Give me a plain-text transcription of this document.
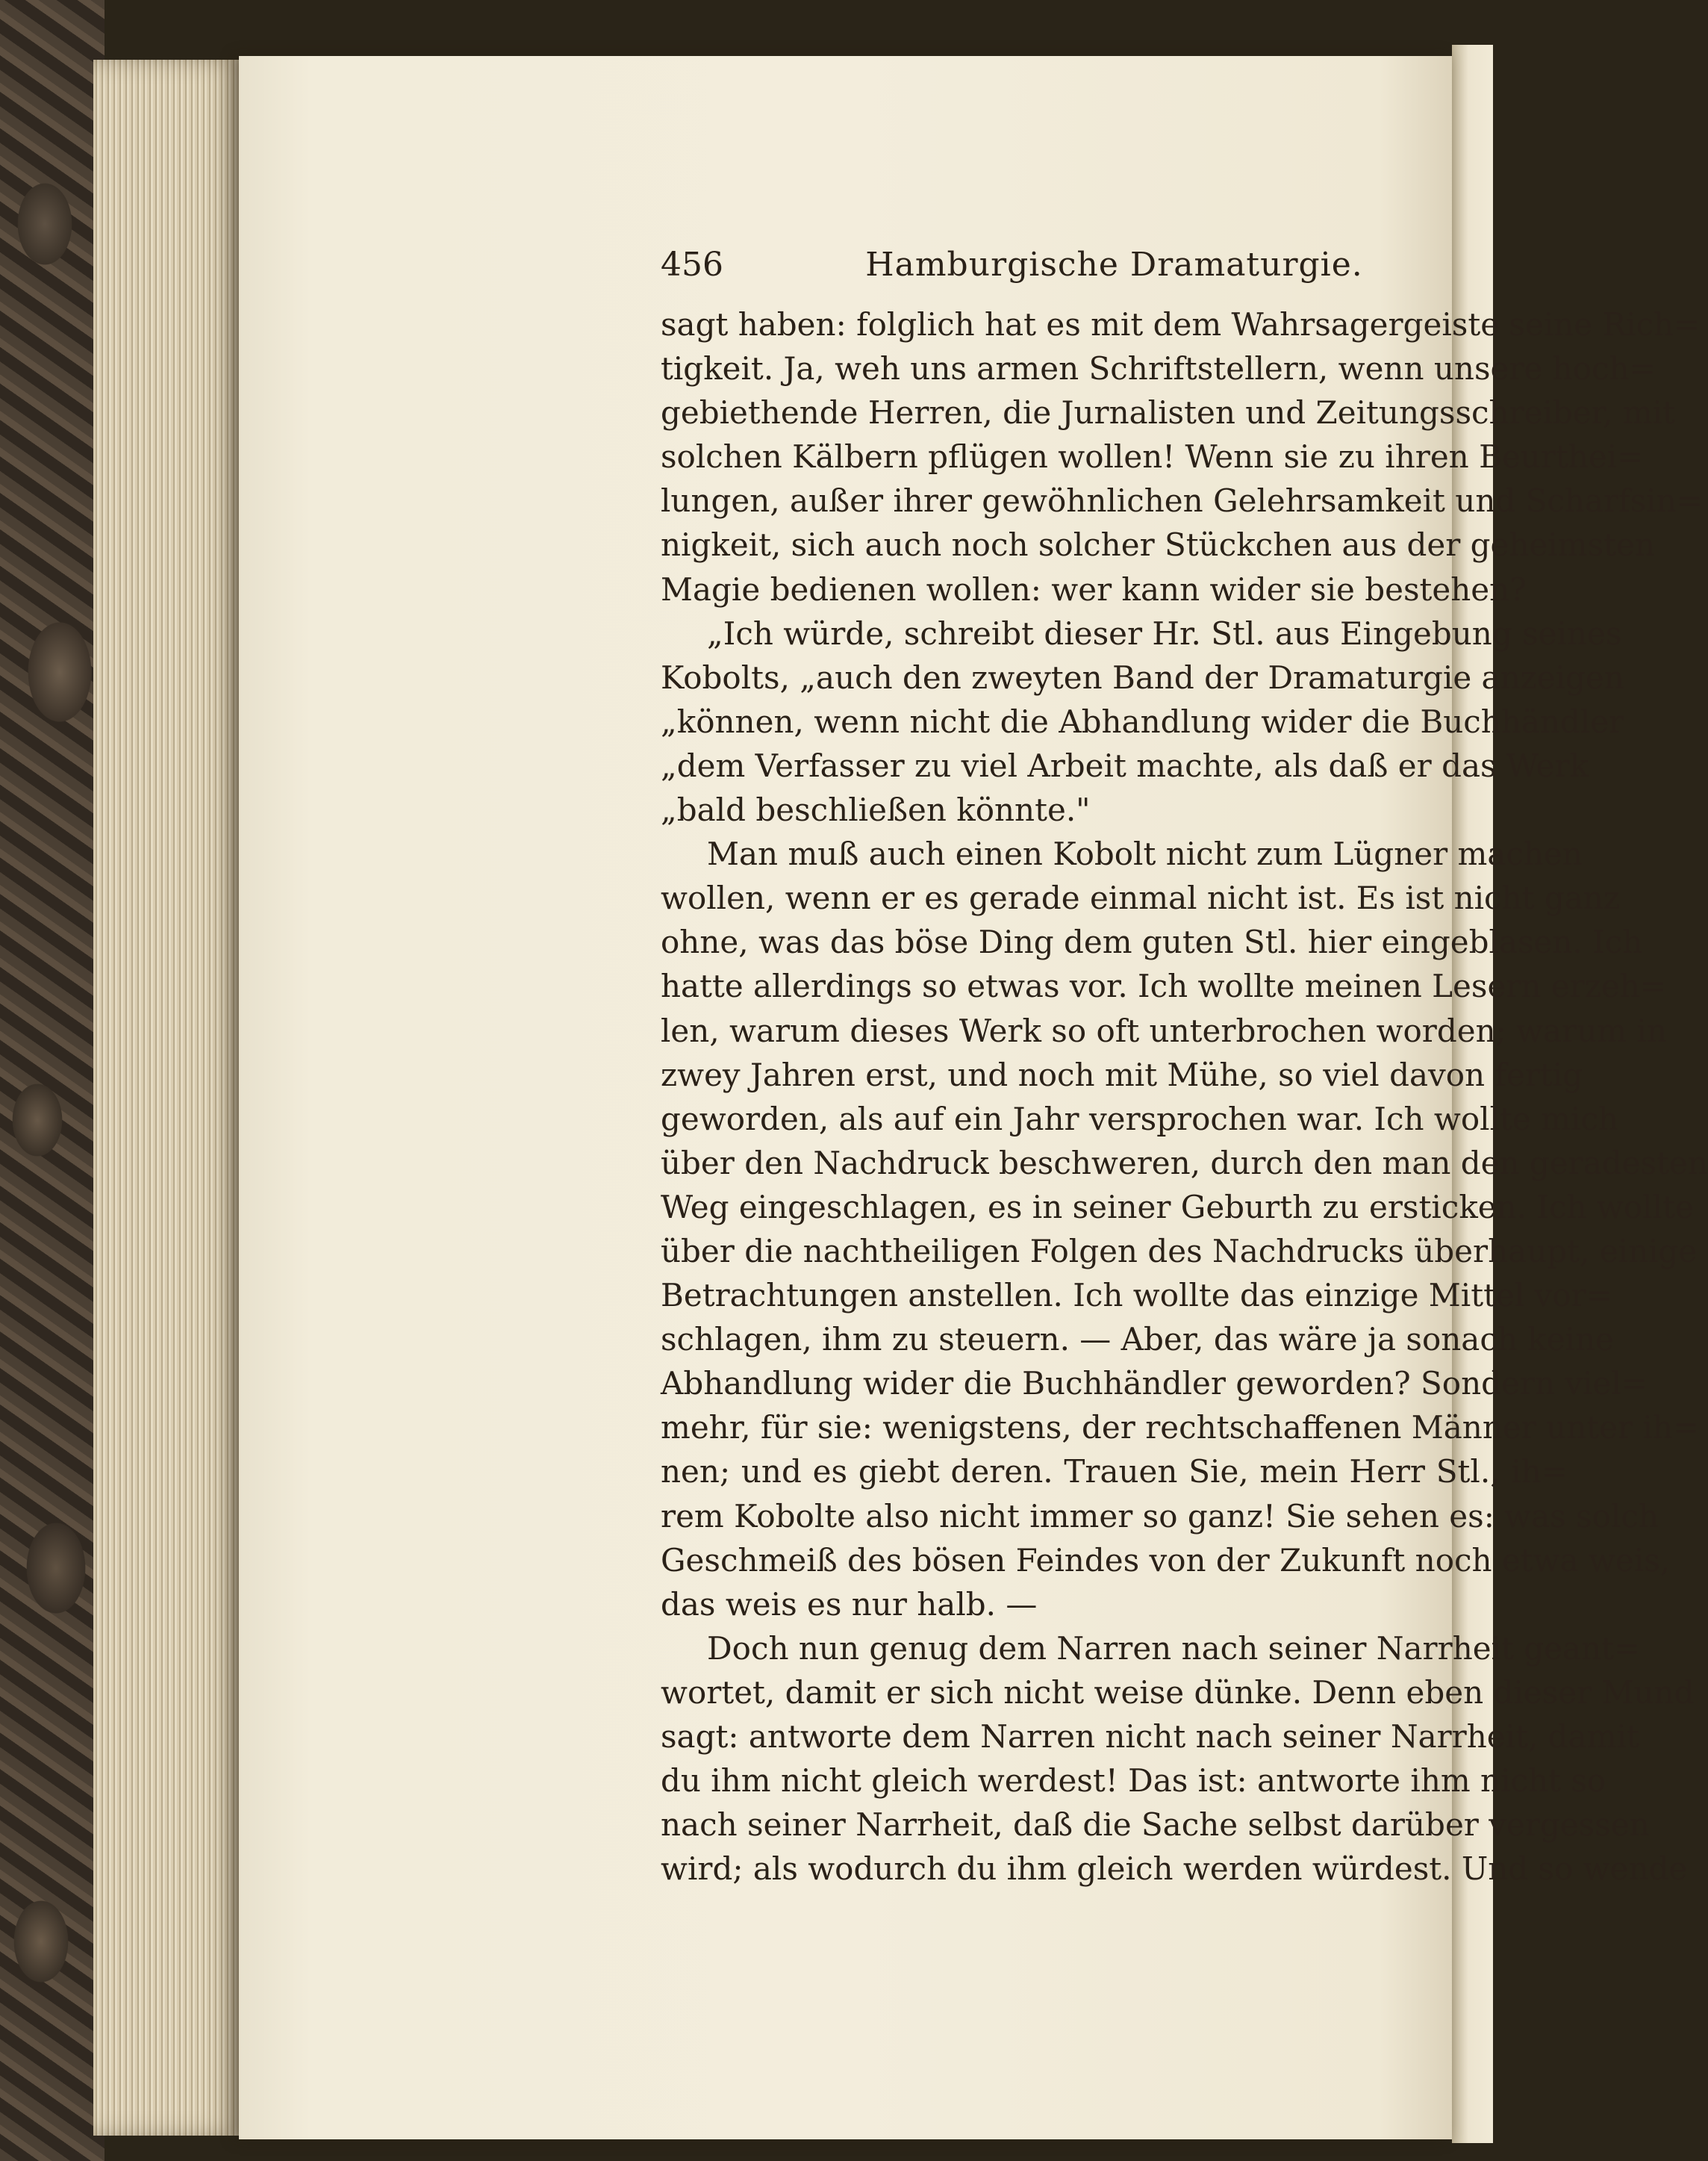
456	Hamburgische Dramaturgie.
sagt haben: folglich hat es mit dem Wahrsagergeiste seine Rich=
tigkeit. Ja, weh uns armen Schriftstellern, wenn unsere hoch=
gebiethende Herren, die Jurnalisten und Zeitungsschreiber, mit
solchen Kälbern pflügen wollen! Wenn sie zu ihren Beurthei=
lungen, außer ihrer gewöhnlichen Gelehrsamkeit und Scharfsin=
nigkeit, sich auch noch solcher Stückchen aus der geheimsten
Magie bedienen wollen: wer kann wider sie bestehen?
„Ich würde, schreibt dieser Hr. Stl. aus Eingebung seines
Kobolts, „auch den zweyten Band der Dramaturgie anzeigen
„können, wenn nicht die Abhandlung wider die Buchhändler
„dem Verfasser zu viel Arbeit machte, als daß er das Werk
„bald beschließen könnte."
Man muß auch einen Kobolt nicht zum Lügner machen
wollen, wenn er es gerade einmal nicht ist. Es ist nicht ganz
ohne, was das böse Ding dem guten Stl. hier eingeblasen. Ich
hatte allerdings so etwas vor. Ich wollte meinen Lesern erzeh=
len, warum dieses Werk so oft unterbrochen worden; warum in
zwey Jahren erst, und noch mit Mühe, so viel davon fertig
geworden, als auf ein Jahr versprochen war. Ich wollte mich
über den Nachdruck beschweren, durch den man den geradesten
Weg eingeschlagen, es in seiner Geburth zu ersticken. Ich wollte
über die nachtheiligen Folgen des Nachdrucks überhaupt, einige
Betrachtungen anstellen. Ich wollte das einzige Mittel vor=
schlagen, ihm zu steuern. — Aber, das wäre ja sonach keine
Abhandlung wider die Buchhändler geworden? Sondern viel=
mehr, für sie: wenigstens, der rechtschaffenen Männer unter ih=
nen; und es giebt deren. Trauen Sie, mein Herr Stl., ih=
rem Kobolte also nicht immer so ganz! Sie sehen es: was solch
Geschmeiß des bösen Feindes von der Zukunft noch etwa weis,
das weis es nur halb. —
Doch nun genug dem Narren nach seiner Narrheit geant=
wortet, damit er sich nicht weise dünke. Denn eben dieser Mund
sagt: antworte dem Narren nicht nach seiner Narrheit, damit
du ihm nicht gleich werdest! Das ist: antworte ihm nicht so
nach seiner Narrheit, daß die Sache selbst darüber vergessen
wird; als wodurch du ihm gleich werden würdest. Und so wende
